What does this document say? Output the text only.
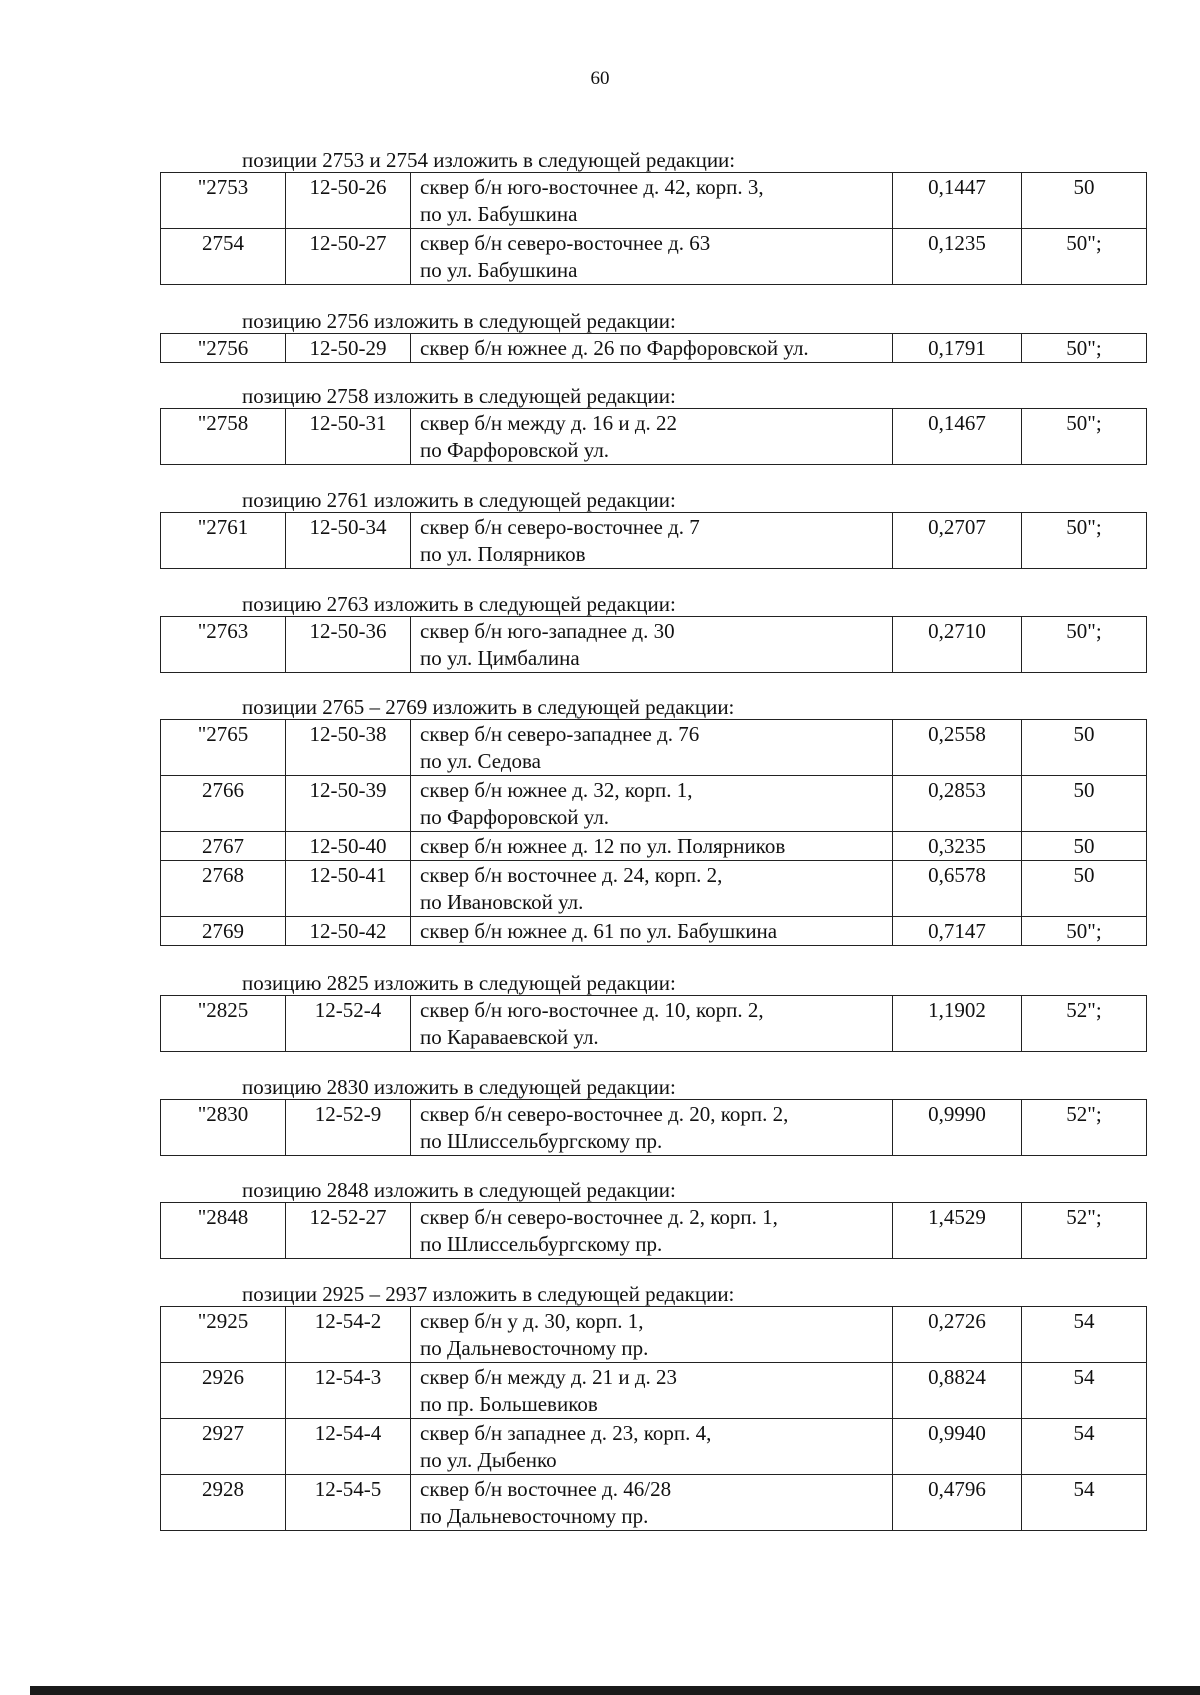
60
позиции 2753 и 2754 изложить в следующей редакции:
"2753	12-50-26	сквер б/н юго-восточнее д. 42, корп. 3,
по ул. Бабушкина	0,1447	50
2754	12-50-27	сквер б/н северо-восточнее д. 63
по ул. Бабушкина	0,1235	50";
позицию 2756 изложить в следующей редакции:
"2756	12-50-29	сквер б/н южнее д. 26 по Фарфоровской ул.	0,1791	50";
позицию 2758 изложить в следующей редакции:
"2758	12-50-31	сквер б/н между д. 16 и д. 22
по Фарфоровской ул.
	0,1467	50";
позицию 2761 изложить в следующей редакции:
"2761	12-50-34	сквер б/н северо-восточнее д. 7
по ул. Полярников
	0,2707	50";
позицию 2763 изложить в следующей редакции:
"2763	12-50-36	сквер б/н юго-западнее д. 30
по ул. Цимбалина
	0,2710	50";
позиции 2765 – 2769 изложить в следующей редакции:
"2765	12-50-38	сквер б/н северо-западнее д. 76
по ул. Седова	0,2558	50
2766	12-50-39	сквер б/н южнее д. 32, корп. 1,
по Фарфоровской ул.	0,2853	50
2767	12-50-40	сквер б/н южнее д. 12 по ул. Полярников	0,3235	50
2768	12-50-41	сквер б/н восточнее д. 24, корп. 2,
по Ивановской ул.	0,6578	50
2769	12-50-42	сквер б/н южнее д. 61 по ул. Бабушкина	0,7147	50";
позицию 2825 изложить в следующей редакции:
"2825	12-52-4	сквер б/н юго-восточнее д. 10, корп. 2,
по Караваевской ул.
	1,1902	52";
позицию 2830 изложить в следующей редакции:
"2830	12-52-9	сквер б/н северо-восточнее д. 20, корп. 2,
по Шлиссельбургскому пр.
	0,9990	52";
позицию 2848 изложить в следующей редакции:
"2848	12-52-27	сквер б/н северо-восточнее д. 2, корп. 1,
по Шлиссельбургскому пр.
	1,4529	52";
позиции 2925 – 2937 изложить в следующей редакции:
"2925	12-54-2	сквер б/н у д. 30, корп. 1,
по Дальневосточному пр.	0,2726	54
2926	12-54-3	сквер б/н между д. 21 и д. 23
по пр. Большевиков	0,8824	54
2927	12-54-4	сквер б/н западнее д. 23, корп. 4,
по ул. Дыбенко	0,9940	54
2928	12-54-5	сквер б/н восточнее д. 46/28
по Дальневосточному пр.	0,4796	54
